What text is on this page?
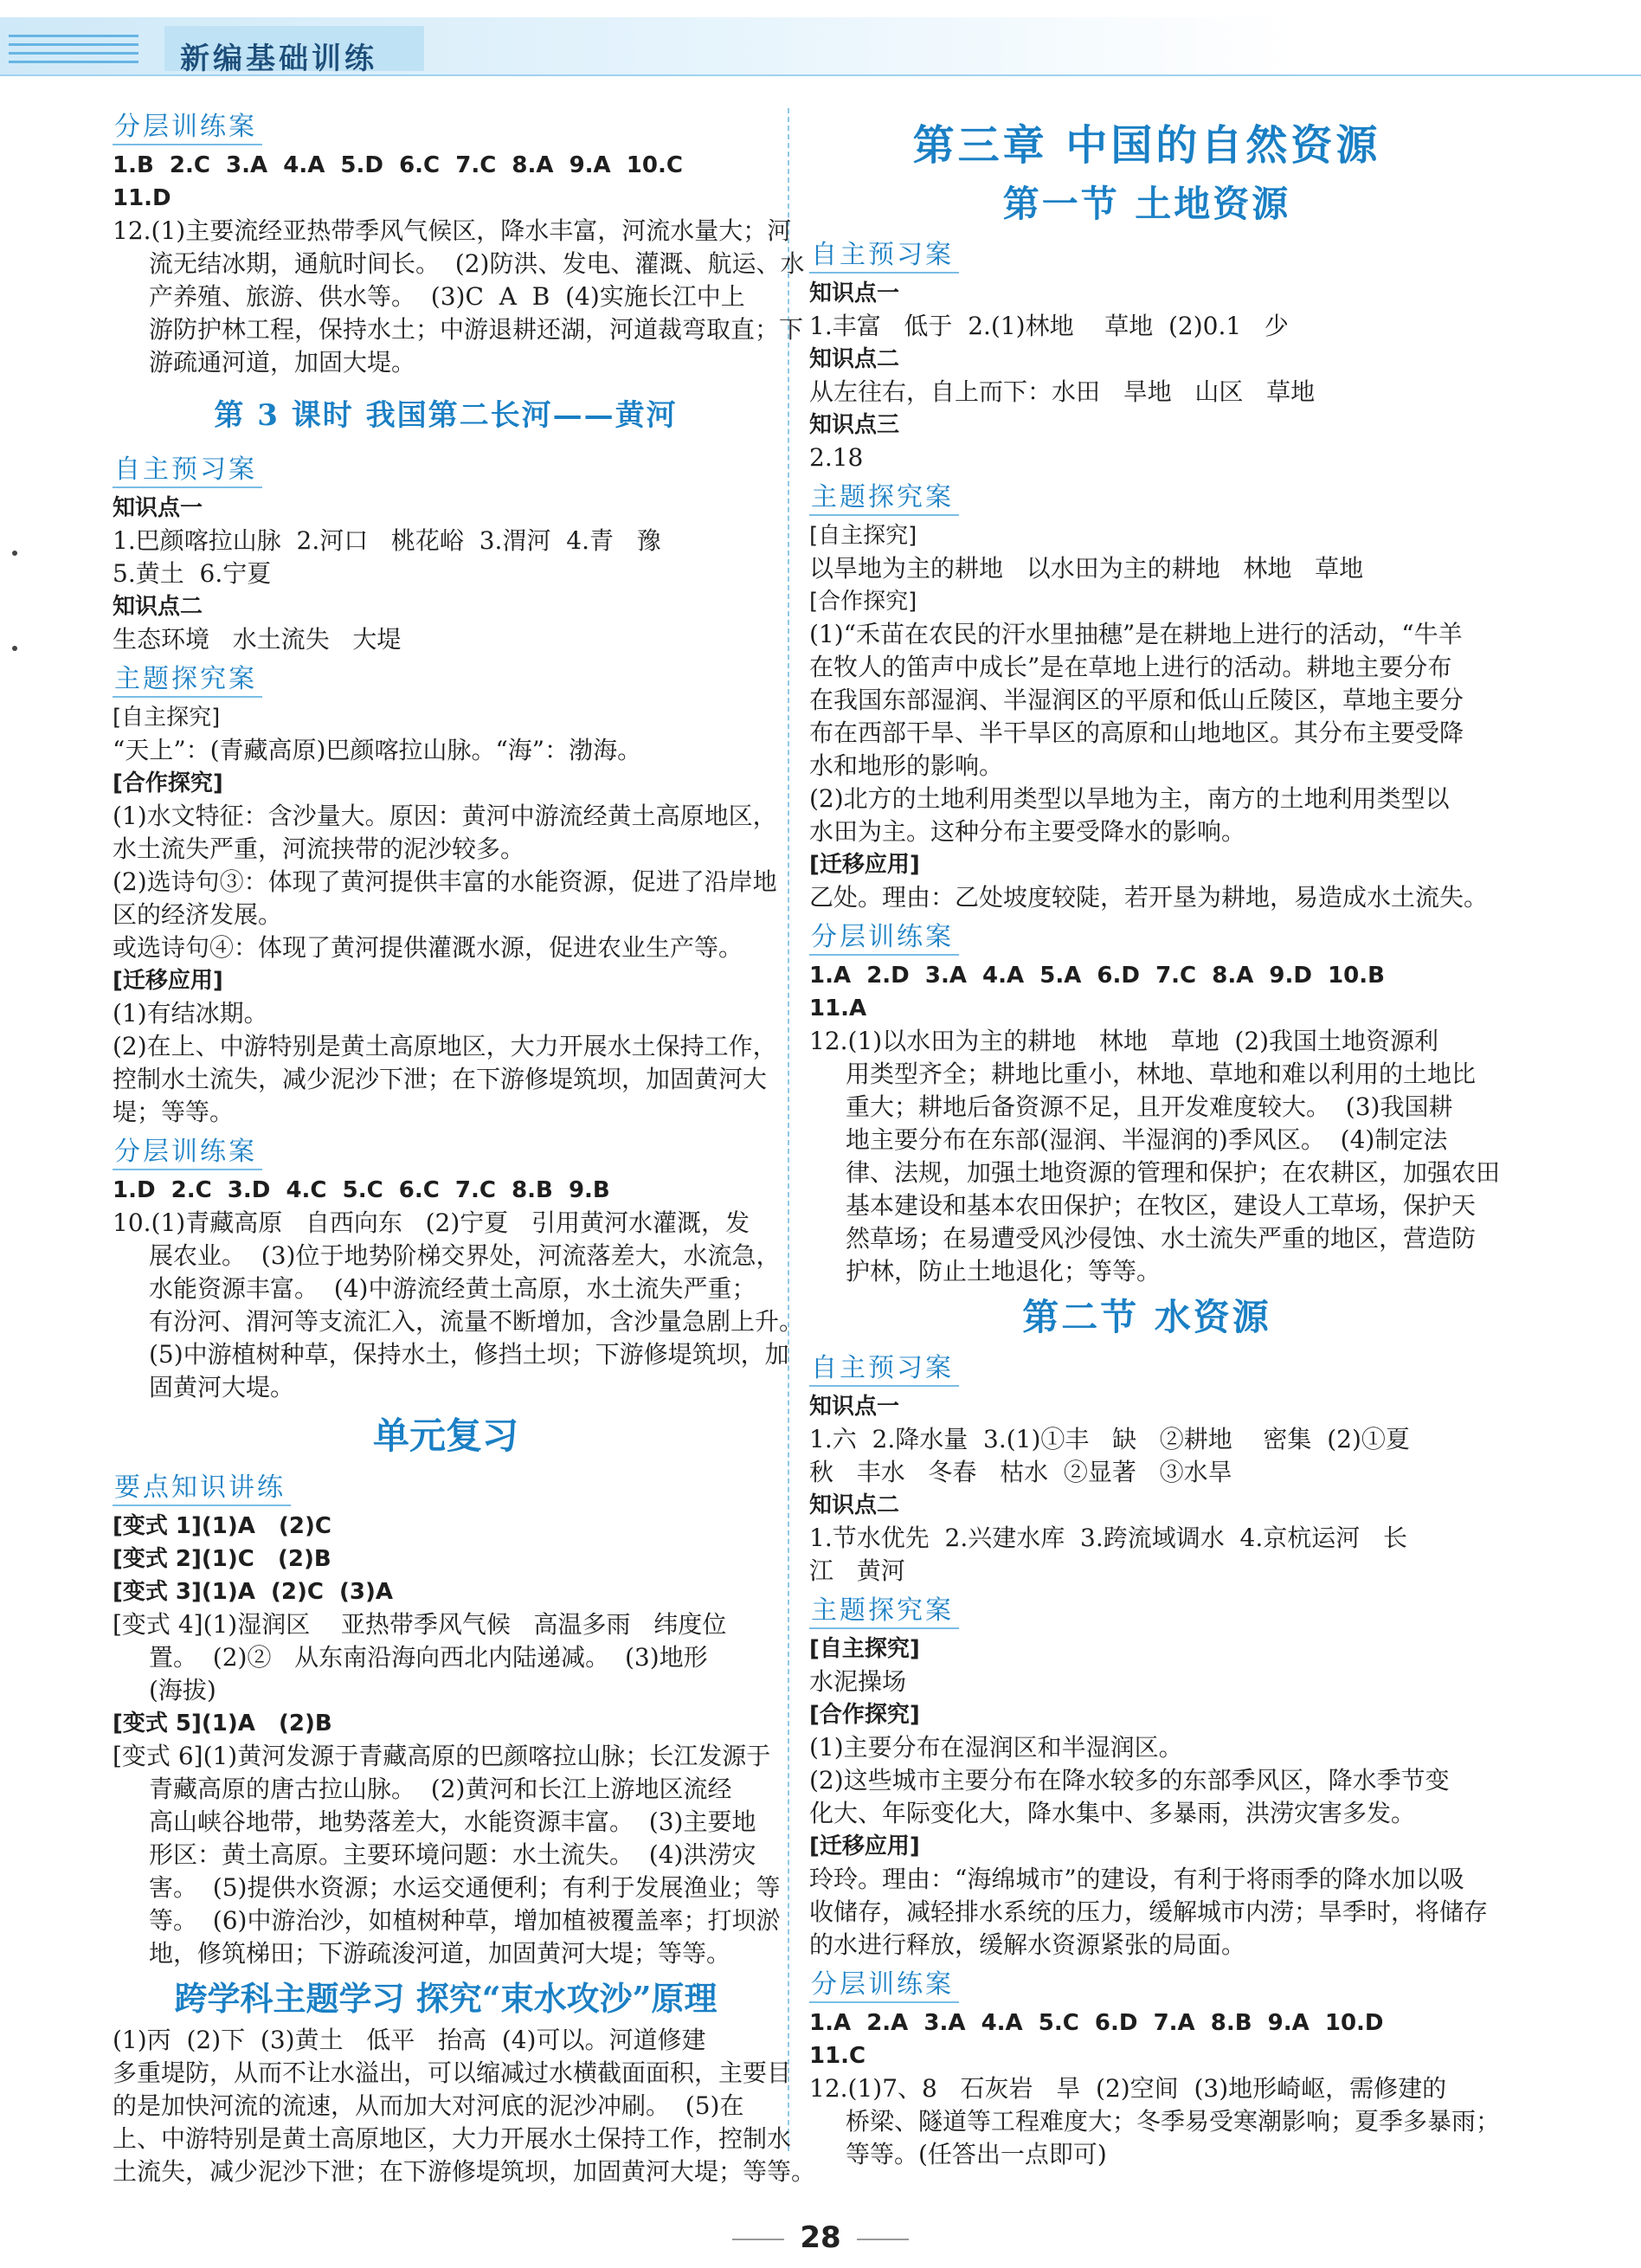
新编基础训练
分层训练案
1.B  2.C  3.A  4.A  5.D  6.C  7.C  8.A  9.A  10.C
11.D
12.(1)主要流经亚热带季风气候区，降水丰富，河流水量大；河
流无结冰期，通航时间长。  (2)防洪、发电、灌溉、航运、水
产养殖、旅游、供水等。  (3)C  A  B  (4)实施长江中上
游防护林工程，保持水土；中游退耕还湖，河道裁弯取直；下
游疏通河道，加固大堤。
第 3 课时 我国第二长河——黄河
自主预习案
知识点一
1.巴颜喀拉山脉  2.河口   桃花峪  3.渭河  4.青   豫
5.黄土  6.宁夏
知识点二
生态环境   水土流失   大堤
主题探究案
[自主探究]
“天上”：(青藏高原)巴颜喀拉山脉。“海”：渤海。
[合作探究]
(1)水文特征：含沙量大。原因：黄河中游流经黄土高原地区，
水土流失严重，河流挟带的泥沙较多。
(2)选诗句③：体现了黄河提供丰富的水能资源，促进了沿岸地
区的经济发展。
或选诗句④：体现了黄河提供灌溉水源，促进农业生产等。
[迁移应用]
(1)有结冰期。
(2)在上、中游特别是黄土高原地区，大力开展水土保持工作，
控制水土流失，减少泥沙下泄；在下游修堤筑坝，加固黄河大
堤；等等。
分层训练案
1.D  2.C  3.D  4.C  5.C  6.C  7.C  8.B  9.B
10.(1)青藏高原   自西向东   (2)宁夏   引用黄河水灌溉，发
展农业。  (3)位于地势阶梯交界处，河流落差大，水流急，
水能资源丰富。  (4)中游流经黄土高原，水土流失严重；
有汾河、渭河等支流汇入，流量不断增加，含沙量急剧上升。
(5)中游植树种草，保持水土，修挡土坝；下游修堤筑坝，加
固黄河大堤。
单元复习
要点知识讲练
[变式 1](1)A   (2)C
[变式 2](1)C   (2)B
[变式 3](1)A  (2)C  (3)A
[变式 4](1)湿润区    亚热带季风气候   高温多雨   纬度位
置。  (2)②   从东南沿海向西北内陆递减。  (3)地形
(海拔)
[变式 5](1)A   (2)B
[变式 6](1)黄河发源于青藏高原的巴颜喀拉山脉；长江发源于
青藏高原的唐古拉山脉。  (2)黄河和长江上游地区流经
高山峡谷地带，地势落差大，水能资源丰富。  (3)主要地
形区：黄土高原。主要环境问题：水土流失。  (4)洪涝灾
害。  (5)提供水资源；水运交通便利；有利于发展渔业；等
等。  (6)中游治沙，如植树种草，增加植被覆盖率；打坝淤
地，修筑梯田；下游疏浚河道，加固黄河大堤；等等。
跨学科主题学习 探究“束水攻沙”原理
(1)丙  (2)下  (3)黄土   低平   抬高  (4)可以。河道修建
多重堤防，从而不让水溢出，可以缩减过水横截面面积，主要目
的是加快河流的流速，从而加大对河底的泥沙冲刷。  (5)在
上、中游特别是黄土高原地区，大力开展水土保持工作，控制水
土流失，减少泥沙下泄；在下游修堤筑坝，加固黄河大堤；等等。
第三章 中国的自然资源
第一节 土地资源
自主预习案
知识点一
1.丰富   低于  2.(1)林地    草地  (2)0.1   少
知识点二
从左往右，自上而下：水田   旱地   山区   草地
知识点三
2.18
主题探究案
[自主探究]
以旱地为主的耕地   以水田为主的耕地   林地   草地
[合作探究]
(1)“禾苗在农民的汗水里抽穗”是在耕地上进行的活动，“牛羊
在牧人的笛声中成长”是在草地上进行的活动。耕地主要分布
在我国东部湿润、半湿润区的平原和低山丘陵区，草地主要分
布在西部干旱、半干旱区的高原和山地地区。其分布主要受降
水和地形的影响。
(2)北方的土地利用类型以旱地为主，南方的土地利用类型以
水田为主。这种分布主要受降水的影响。
[迁移应用]
乙处。理由：乙处坡度较陡，若开垦为耕地，易造成水土流失。
分层训练案
1.A  2.D  3.A  4.A  5.A  6.D  7.C  8.A  9.D  10.B
11.A
12.(1)以水田为主的耕地   林地   草地  (2)我国土地资源利
用类型齐全；耕地比重小，林地、草地和难以利用的土地比
重大；耕地后备资源不足，且开发难度较大。  (3)我国耕
地主要分布在东部(湿润、半湿润的)季风区。  (4)制定法
律、法规，加强土地资源的管理和保护；在农耕区，加强农田
基本建设和基本农田保护；在牧区，建设人工草场，保护天
然草场；在易遭受风沙侵蚀、水土流失严重的地区，营造防
护林，防止土地退化；等等。
第二节 水资源
自主预习案
知识点一
1.六  2.降水量  3.(1)①丰   缺   ②耕地    密集  (2)①夏
秋   丰水   冬春   枯水  ②显著   ③水旱
知识点二
1.节水优先  2.兴建水库  3.跨流域调水  4.京杭运河   长
江   黄河
主题探究案
[自主探究]
水泥操场
[合作探究]
(1)主要分布在湿润区和半湿润区。
(2)这些城市主要分布在降水较多的东部季风区，降水季节变
化大、年际变化大，降水集中、多暴雨，洪涝灾害多发。
[迁移应用]
玲玲。理由：“海绵城市”的建设，有利于将雨季的降水加以吸
收储存，减轻排水系统的压力，缓解城市内涝；旱季时，将储存
的水进行释放，缓解水资源紧张的局面。
分层训练案
1.A  2.A  3.A  4.A  5.C  6.D  7.A  8.B  9.A  10.D
11.C
12.(1)7、8   石灰岩   旱  (2)空间  (3)地形崎岖，需修建的
桥梁、隧道等工程难度大；冬季易受寒潮影响；夏季多暴雨；
等等。(任答出一点即可)
28
